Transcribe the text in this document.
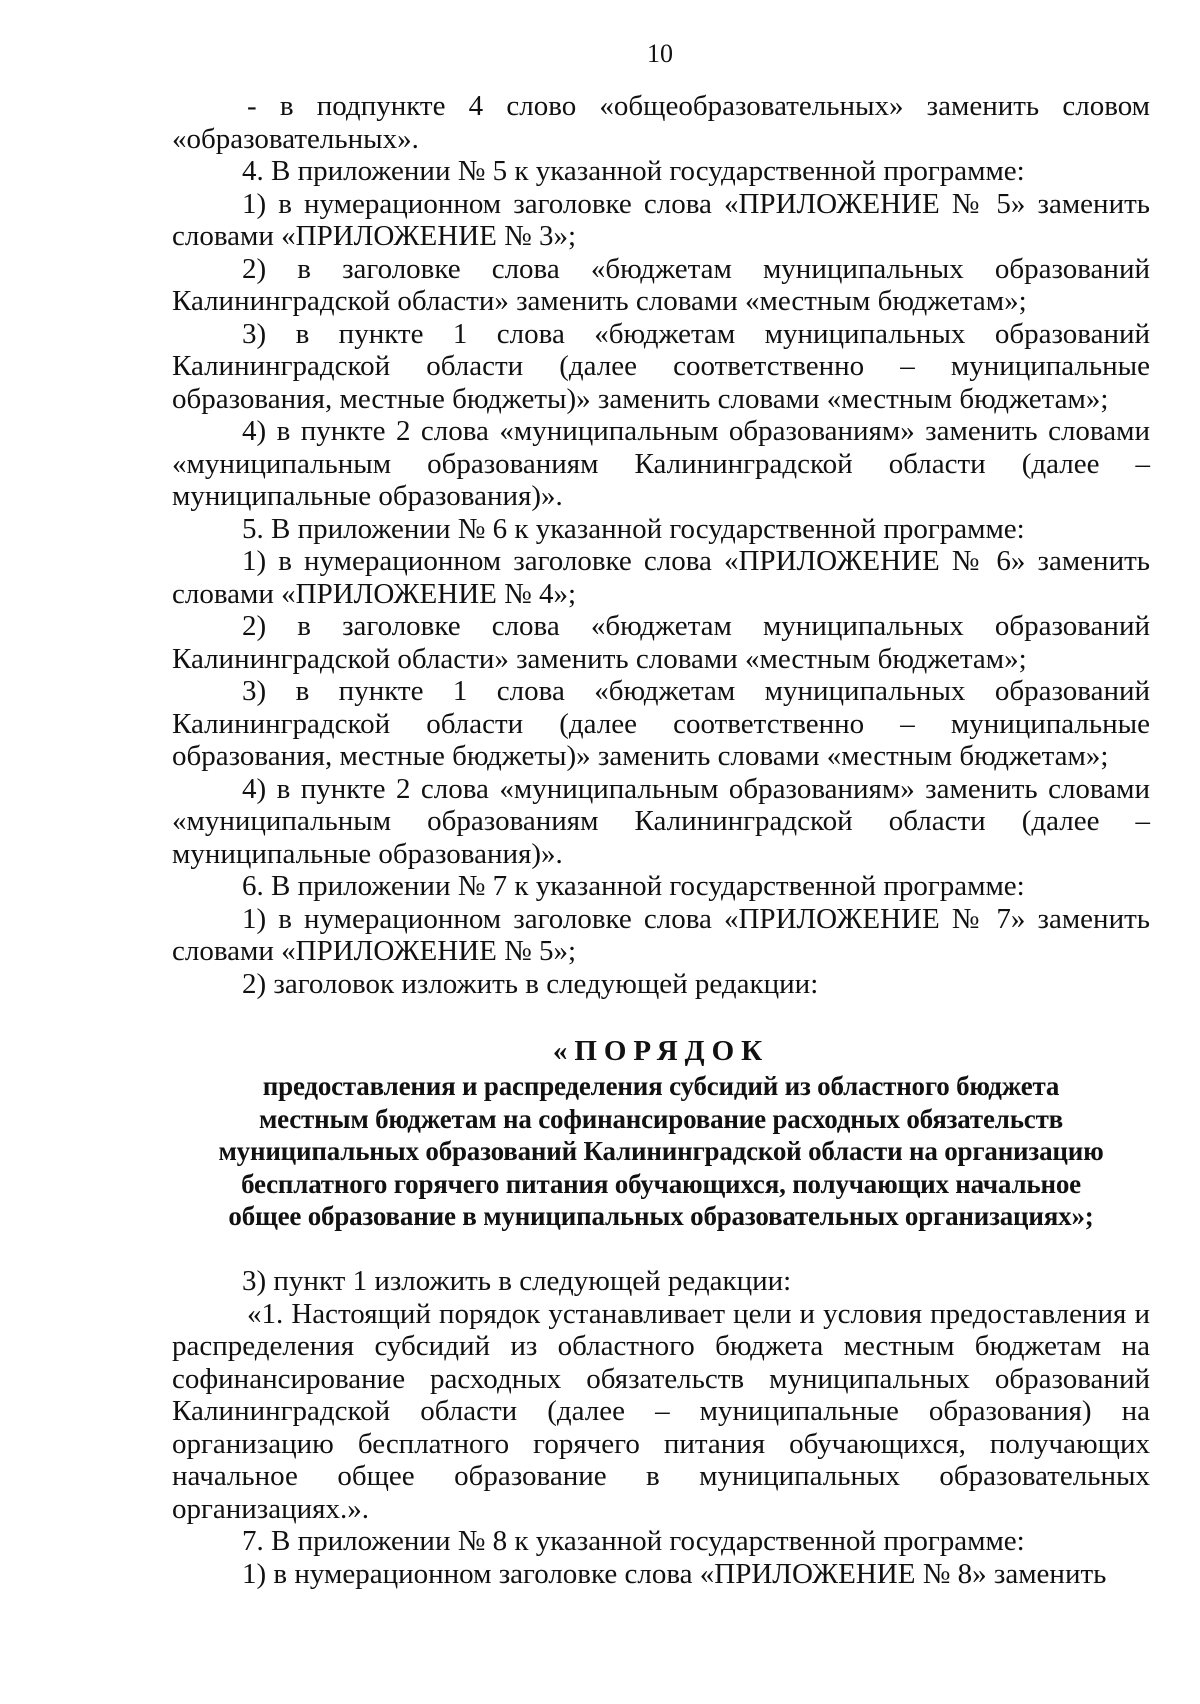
10

- в подпункте 4 слово «общеобразовательных» заменить словом «образовательных».

4. В приложении № 5 к указанной государственной программе:

1) в нумерационном заголовке слова «ПРИЛОЖЕНИЕ № 5» заменить словами «ПРИЛОЖЕНИЕ № 3»;

2) в заголовке слова «бюджетам муниципальных образований Калининградской области» заменить словами «местным бюджетам»;

3) в пункте 1 слова «бюджетам муниципальных образований Калининградской области (далее соответственно – муниципальные образования, местные бюджеты)» заменить словами «местным бюджетам»;

4) в пункте 2 слова «муниципальным образованиям» заменить словами «муниципальным образованиям Калининградской области (далее – муниципальные образования)».

5. В приложении № 6 к указанной государственной программе:

1) в нумерационном заголовке слова «ПРИЛОЖЕНИЕ № 6» заменить словами «ПРИЛОЖЕНИЕ № 4»;

2) в заголовке слова «бюджетам муниципальных образований Калининградской области» заменить словами «местным бюджетам»;

3) в пункте 1 слова «бюджетам муниципальных образований Калининградской области (далее соответственно – муниципальные образования, местные бюджеты)» заменить словами «местным бюджетам»;

4) в пункте 2 слова «муниципальным образованиям» заменить словами «муниципальным образованиям Калининградской области (далее – муниципальные образования)».

6. В приложении № 7 к указанной государственной программе:

1) в нумерационном заголовке слова «ПРИЛОЖЕНИЕ № 7» заменить словами «ПРИЛОЖЕНИЕ № 5»;

2) заголовок изложить в следующей редакции:

«ПОРЯДОК

предоставления и распределения субсидий из областного бюджета

местным бюджетам на софинансирование расходных обязательств

муниципальных образований Калининградской области на организацию

бесплатного горячего питания обучающихся, получающих начальное

общее образование в муниципальных образовательных организациях»;

3) пункт 1 изложить в следующей редакции:

«1. Настоящий порядок устанавливает цели и условия предоставления и распределения субсидий из областного бюджета местным бюджетам на софинансирование расходных обязательств муниципальных образований Калининградской области (далее – муниципальные образования) на организацию бесплатного горячего питания обучающихся, получающих начальное общее образование в муниципальных образовательных организациях.».

7. В приложении № 8 к указанной государственной программе:

1) в нумерационном заголовке слова «ПРИЛОЖЕНИЕ № 8» заменить
